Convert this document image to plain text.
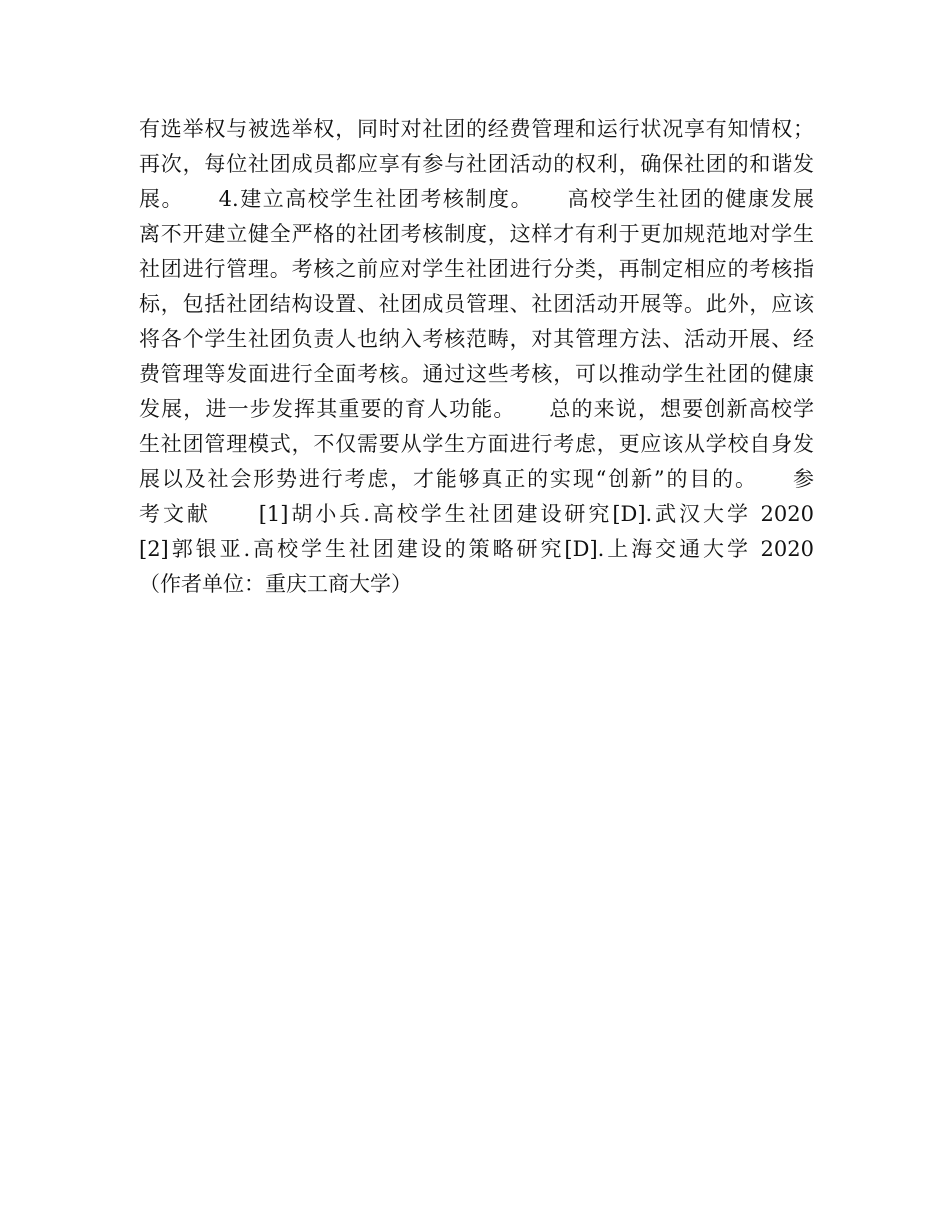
有选举权与被选举权，同时对社团的经费管理和运行状况享有知情权；
再次，每位社团成员都应享有参与社团活动的权利，确保社团的和谐发
展。　　4.建立高校学生社团考核制度。　　高校学生社团的健康发展
离不开建立健全严格的社团考核制度，这样才有利于更加规范地对学生
社团进行管理。考核之前应对学生社团进行分类，再制定相应的考核指
标，包括社团结构设置、社团成员管理、社团活动开展等。此外，应该
将各个学生社团负责人也纳入考核范畴，对其管理方法、活动开展、经
费管理等发面进行全面考核。通过这些考核，可以推动学生社团的健康
发展，进一步发挥其重要的育人功能。　　总的来说，想要创新高校学
生社团管理模式，不仅需要从学生方面进行考虑，更应该从学校自身发
展以及社会形势进行考虑，才能够真正的实现“创新”的目的。　　参
考文献　　[1]胡小兵.高校学生社团建设研究[D].武汉大学 2020
[2]郭银亚.高校学生社团建设的策略研究[D].上海交通大学 2020
（作者单位：重庆工商大学）
